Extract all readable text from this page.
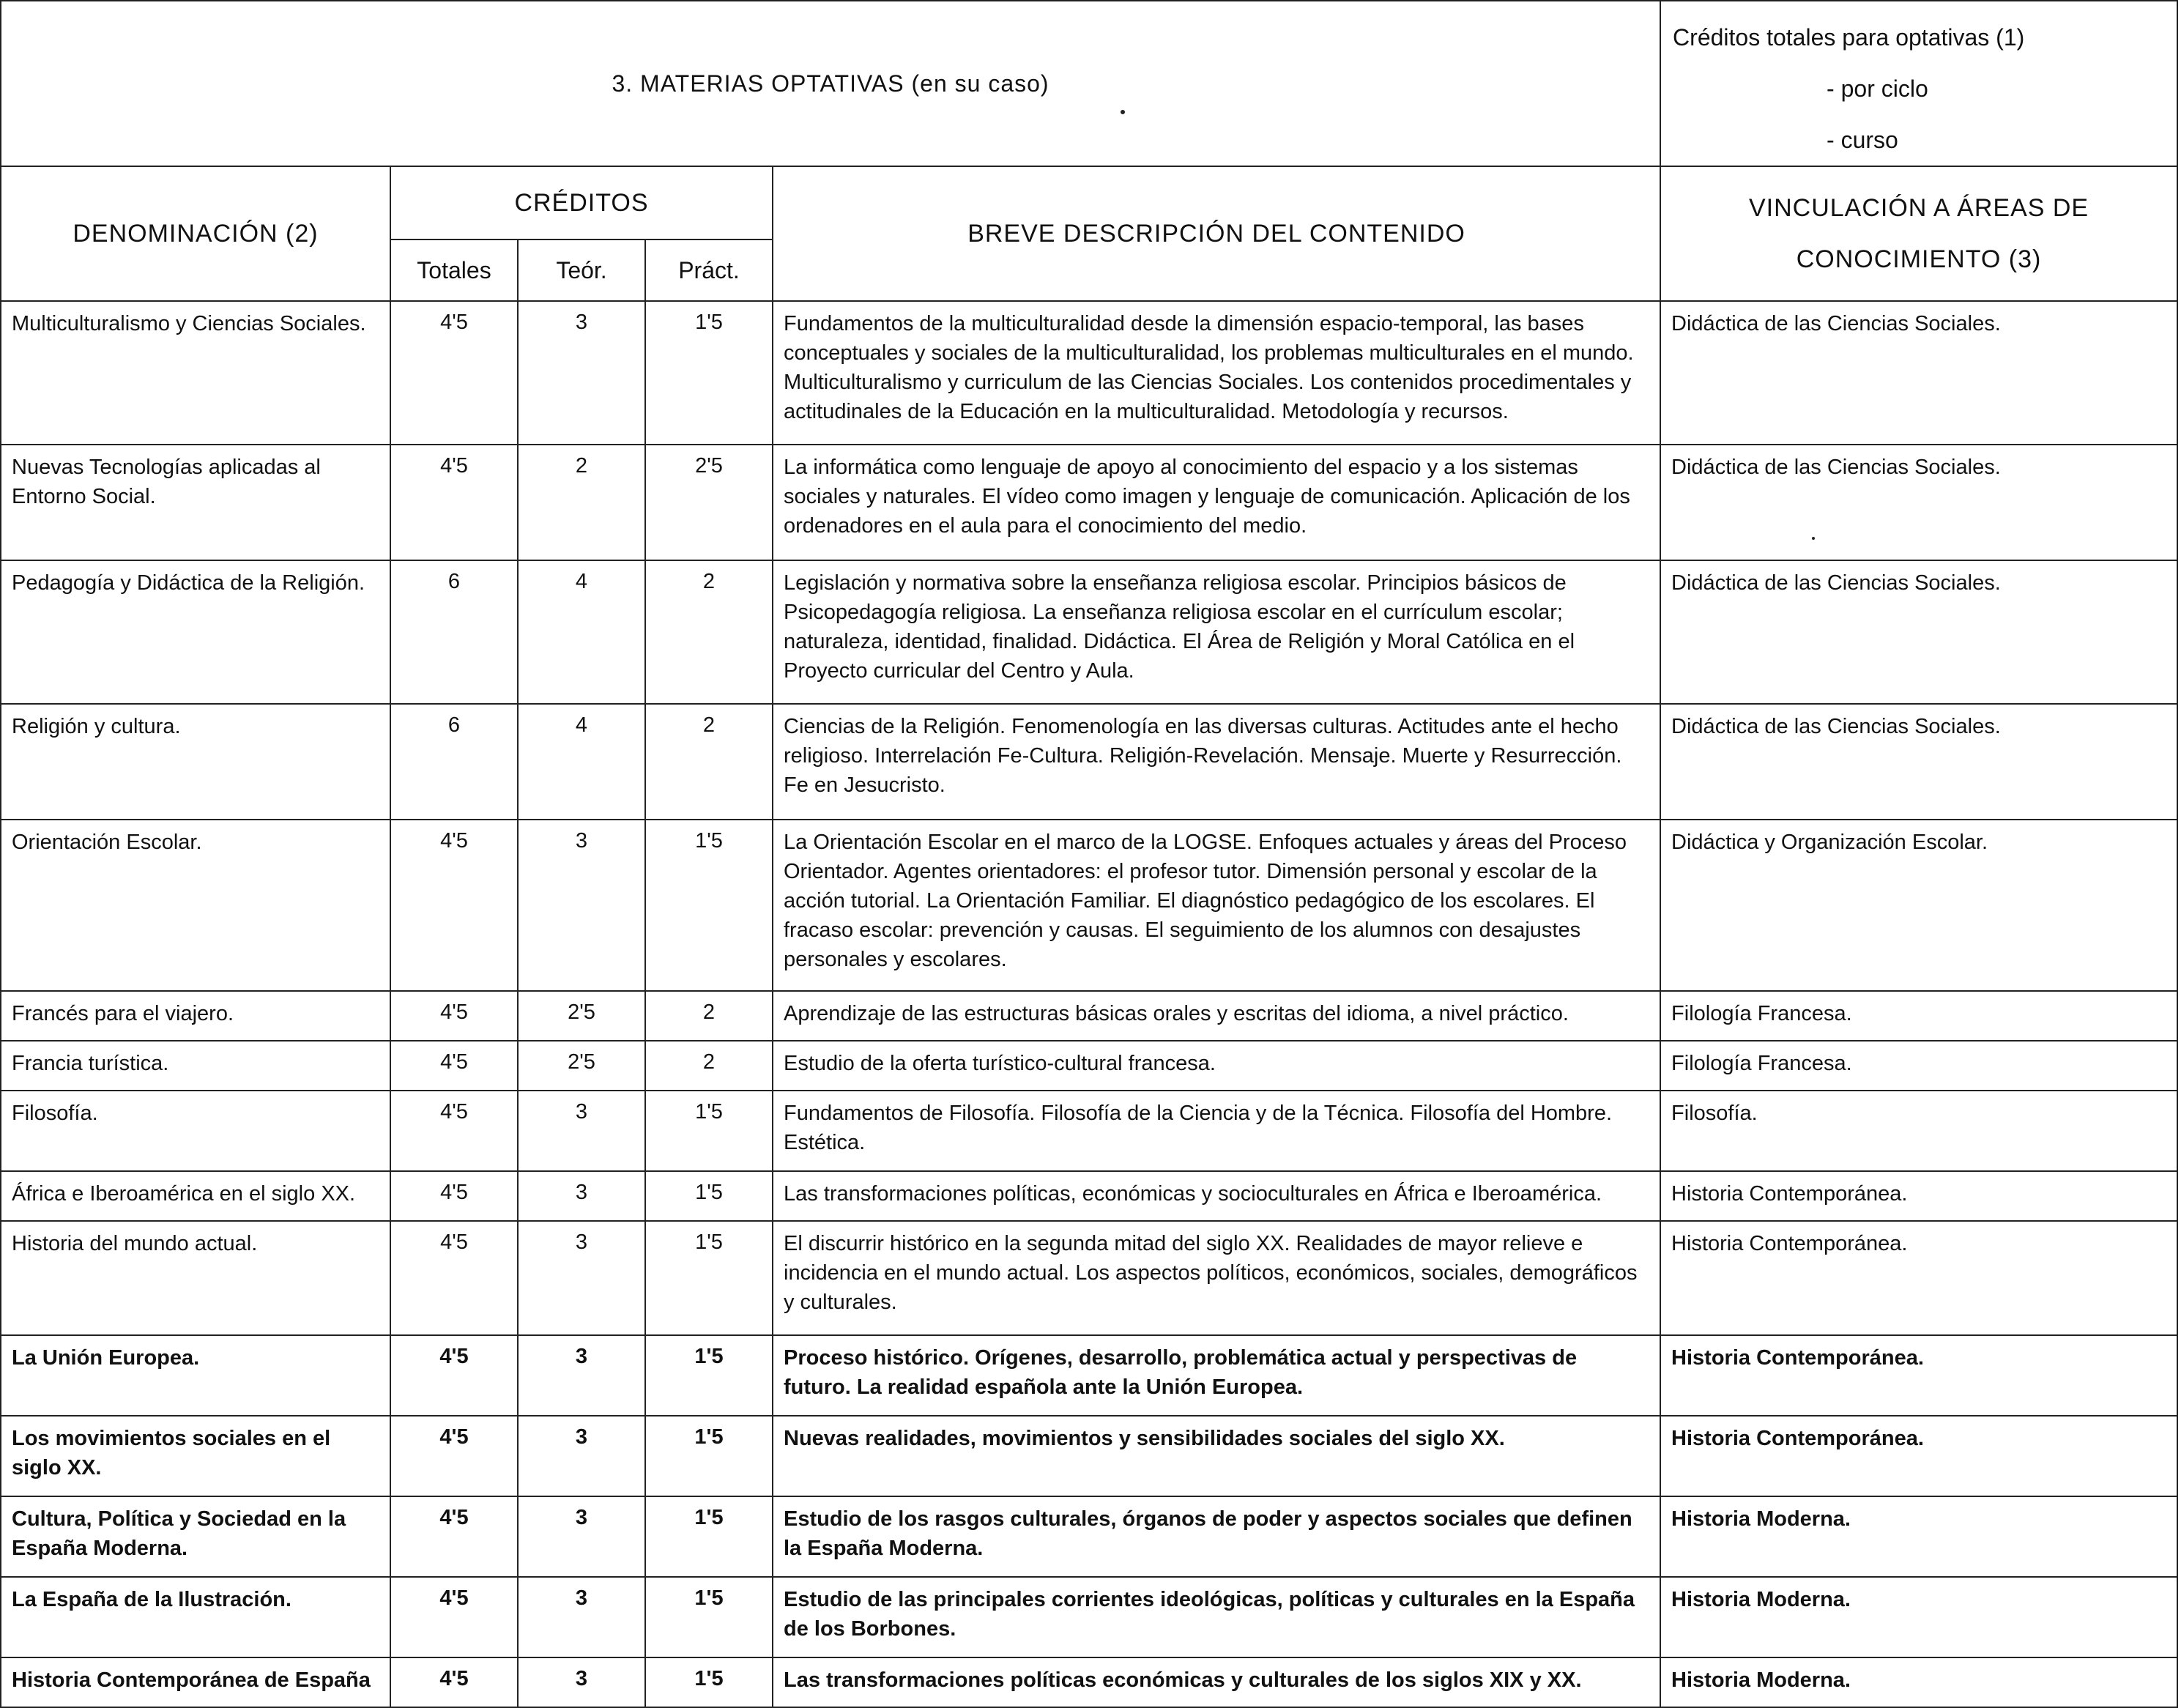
3. MATERIAS OPTATIVAS (en su caso)					Créditos totales para optativas (1)
- por ciclo
- curso

DENOMINACIÓN (2)	CRÉDITOS			BREVE DESCRIPCIÓN DEL CONTENIDO	VINCULACIÓN A ÁREAS DE
CONOCIMIENTO (3)

	Totales	Teór.	Práct.		
Multiculturalismo y Ciencias Sociales.	4'5	3	1'5	Fundamentos de la multiculturalidad desde la dimensión espacio-temporal, las bases conceptuales y sociales de la multiculturalidad, los problemas multiculturales en el mundo. Multiculturalismo y curriculum de las Ciencias Sociales. Los contenidos procedimentales y actitudinales de la Educación en la multiculturalidad. Metodología y recursos.	Didáctica de las Ciencias Sociales.
Nuevas Tecnologías aplicadas al Entorno Social.	4'5	2	2'5	La informática como lenguaje de apoyo al conocimiento del espacio y a los sistemas sociales y naturales. El vídeo como imagen y lenguaje de comunicación. Aplicación de los ordenadores en el aula para el conocimiento del medio.	Didáctica de las Ciencias Sociales.
Pedagogía y Didáctica de la Religión.	6	4	2	Legislación y normativa sobre la enseñanza religiosa escolar. Principios básicos de Psicopedagogía religiosa. La enseñanza religiosa escolar en el currículum escolar; naturaleza, identidad, finalidad. Didáctica. El Área de Religión y Moral Católica en el Proyecto curricular del Centro y Aula.	Didáctica de las Ciencias Sociales.
Religión y cultura.	6	4	2	Ciencias de la Religión. Fenomenología en las diversas culturas. Actitudes ante el hecho religioso. Interrelación Fe-Cultura. Religión-Revelación. Mensaje. Muerte y Resurrección. Fe en Jesucristo.	Didáctica de las Ciencias Sociales.
Orientación Escolar.	4'5	3	1'5	La Orientación Escolar en el marco de la LOGSE. Enfoques actuales y áreas del Proceso Orientador. Agentes orientadores: el profesor tutor. Dimensión personal y escolar de la acción tutorial. La Orientación Familiar. El diagnóstico pedagógico de los escolares. El fracaso escolar: prevención y causas. El seguimiento de los alumnos con desajustes personales y escolares.	Didáctica y Organización Escolar.
Francés para el viajero.	4'5	2'5	2	Aprendizaje de las estructuras básicas orales y escritas del idioma, a nivel práctico.	Filología Francesa.
Francia turística.	4'5	2'5	2	Estudio de la oferta turístico-cultural francesa.	Filología Francesa.
Filosofía.	4'5	3	1'5	Fundamentos de Filosofía. Filosofía de la Ciencia y de la Técnica. Filosofía del Hombre. Estética.	Filosofía.
África e Iberoamérica en el siglo XX.	4'5	3	1'5	Las transformaciones políticas, económicas y socioculturales en África e Iberoamérica.	Historia Contemporánea.
Historia del mundo actual.	4'5	3	1'5	El discurrir histórico en la segunda mitad del siglo XX. Realidades de mayor relieve e incidencia en el mundo actual. Los aspectos políticos, económicos, sociales, demográficos y culturales.	Historia Contemporánea.
La Unión Europea.	4'5	3	1'5	Proceso histórico. Orígenes, desarrollo, problemática actual y perspectivas de futuro. La realidad española ante la Unión Europea.	Historia Contemporánea.
Los movimientos sociales en el siglo XX.	4'5	3	1'5	Nuevas realidades, movimientos y sensibilidades sociales del siglo XX.	Historia Contemporánea.
Cultura, Política y Sociedad en la España Moderna.	4'5	3	1'5	Estudio de los rasgos culturales, órganos de poder y aspectos sociales que definen la España Moderna.	Historia Moderna.
La España de la Ilustración.	4'5	3	1'5	Estudio de las principales corrientes ideológicas, políticas y culturales en la España de los Borbones.	Historia Moderna.
Historia Contemporánea de España	4'5	3	1'5	Las transformaciones políticas económicas y culturales de los siglos XIX y XX.	Historia Moderna.
